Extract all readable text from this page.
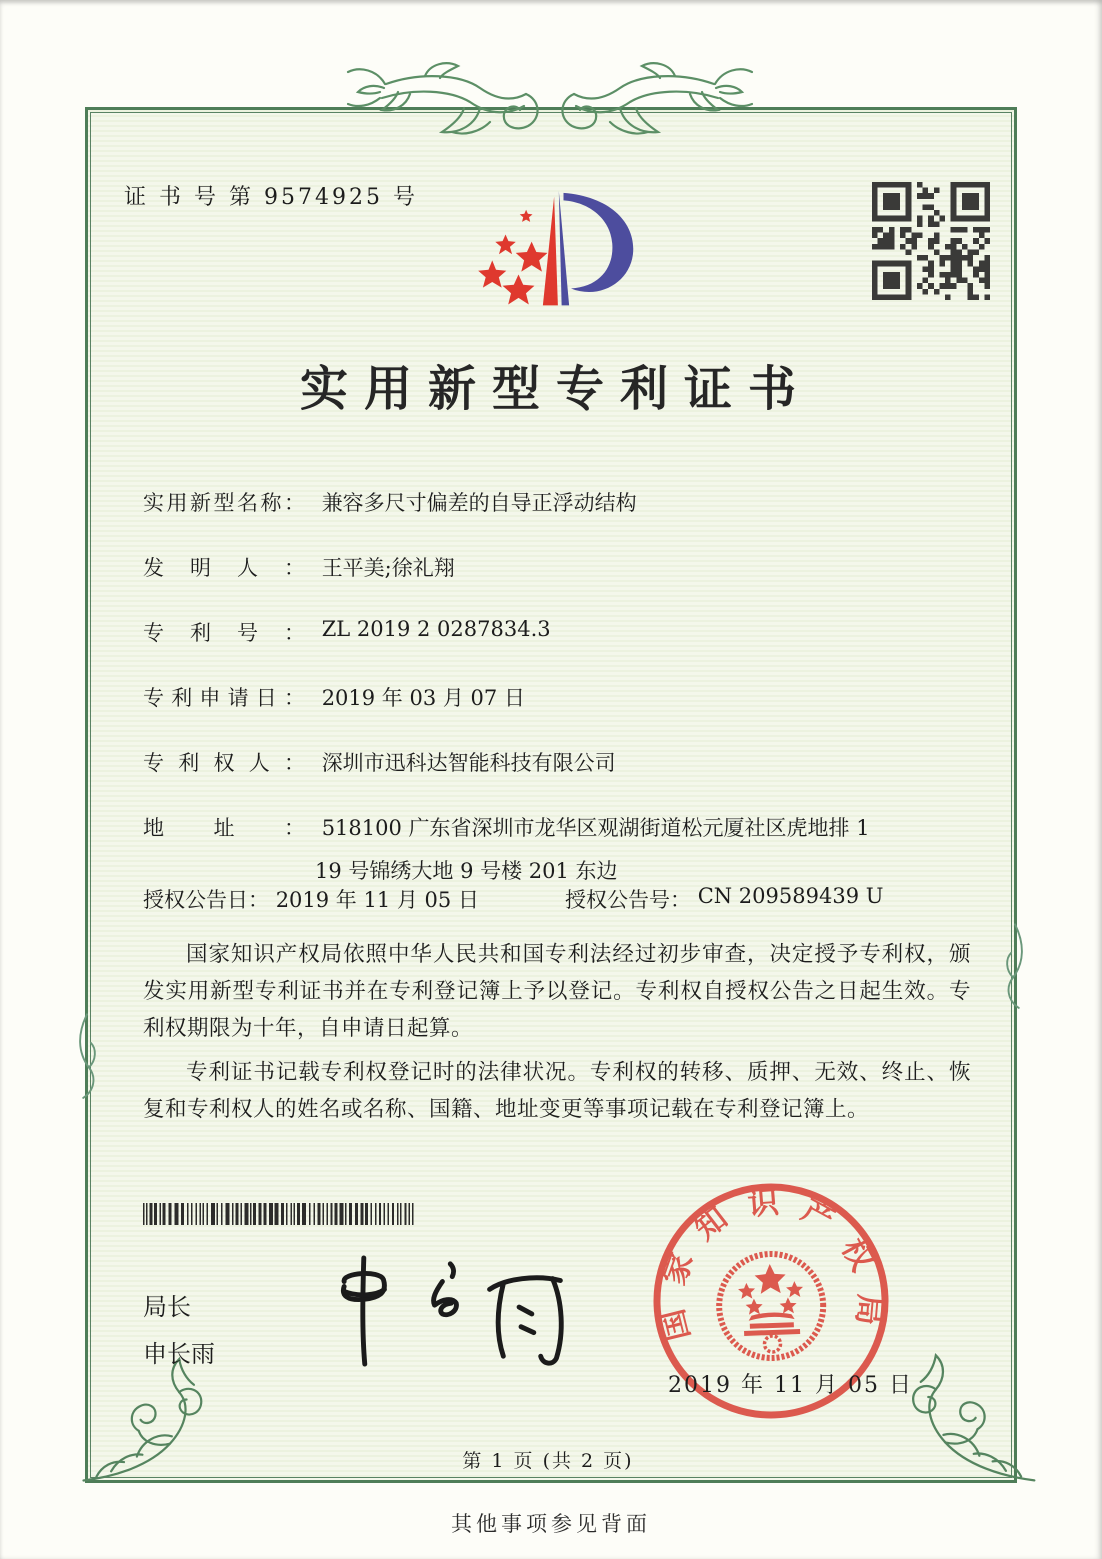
证 书 号 第 9574925 号
实用新型专利证书
实用新型名称： 兼容多尺寸偏差的自导正浮动结构
发明人： 王平美;徐礼翔
专利号： ZL 2019 2 0287834.3
专利申请日： 2019 年 03 月 07 日
专利权人： 深圳市迅科达智能科技有限公司
地址： 518100 广东省深圳市龙华区观湖街道松元厦社区虎地排 1
19 号锦绣大地 9 号楼 201 东边
授权公告日： 2019 年 11 月 05 日	授权公告号： CN 209589439 U

国家知识产权局依照中华人民共和国专利法经过初步审查，决定授予专利权，颁发实用新型专利证书并在专利登记簿上予以登记。专利权自授权公告之日起生效。专利权期限为十年，自申请日起算。

专利证书记载专利权登记时的法律状况。专利权的转移、质押、无效、终止、恢复和专利权人的姓名或名称、国籍、地址变更等事项记载在专利登记簿上。

局长
申长雨
国家知识产权局
2019 年 11 月 05 日
第 1 页 (共 2 页)
其他事项参见背面
